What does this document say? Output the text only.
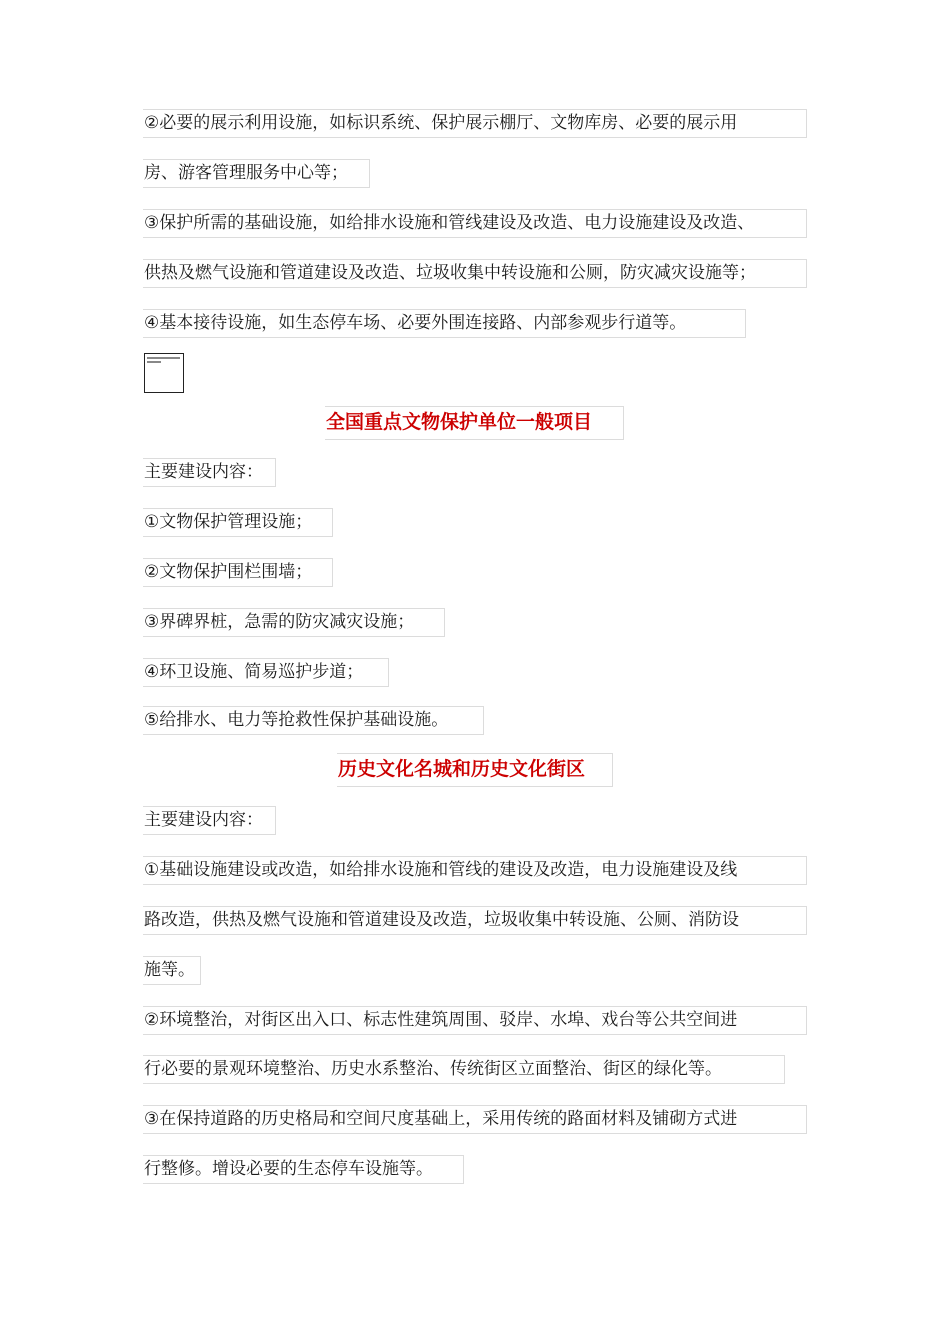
②必要的展示利用设施，如标识系统、保护展示棚厅、文物库房、必要的展示用
房、游客管理服务中心等；
③保护所需的基础设施，如给排水设施和管线建设及改造、电力设施建设及改造、
供热及燃气设施和管道建设及改造、垃圾收集中转设施和公厕，防灾减灾设施等；
④基本接待设施，如生态停车场、必要外围连接路、内部参观步行道等。
全国重点文物保护单位一般项目
主要建设内容：
①文物保护管理设施；
②文物保护围栏围墙；
③界碑界桩，急需的防灾减灾设施；
④环卫设施、简易巡护步道；
⑤给排水、电力等抢救性保护基础设施。
历史文化名城和历史文化街区
主要建设内容：
①基础设施建设或改造，如给排水设施和管线的建设及改造，电力设施建设及线
路改造，供热及燃气设施和管道建设及改造，垃圾收集中转设施、公厕、消防设
施等。
②环境整治，对街区出入口、标志性建筑周围、驳岸、水埠、戏台等公共空间进
行必要的景观环境整治、历史水系整治、传统街区立面整治、街区的绿化等。
③在保持道路的历史格局和空间尺度基础上，采用传统的路面材料及铺砌方式进
行整修。增设必要的生态停车设施等。
